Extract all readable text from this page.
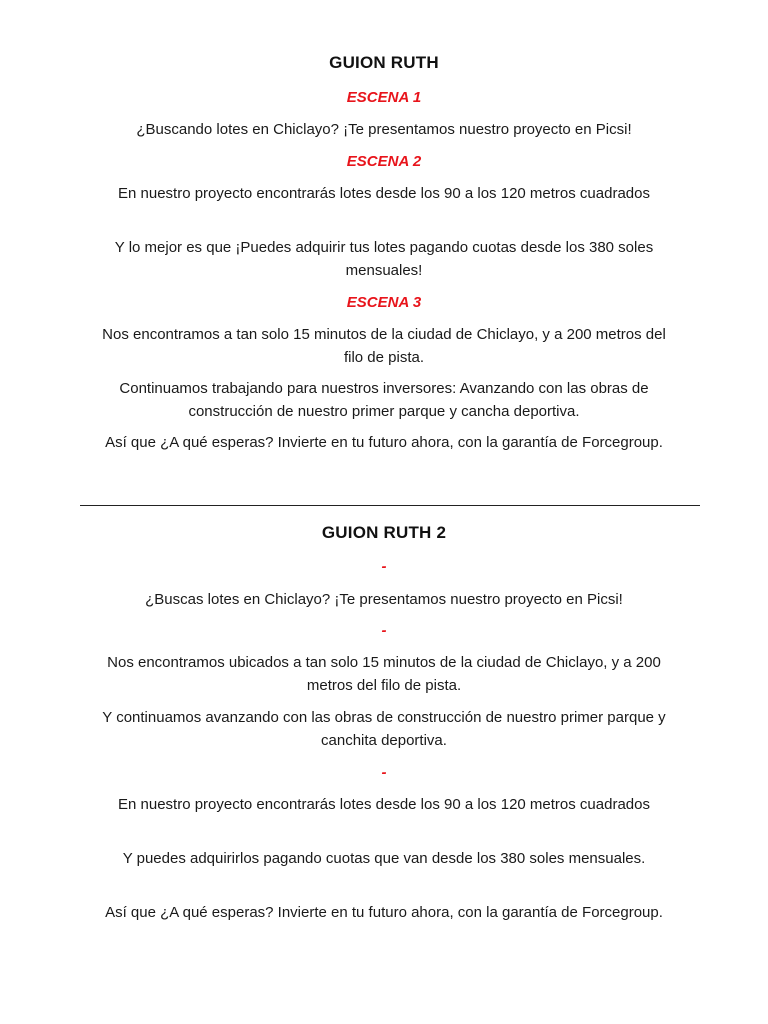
GUION RUTH
ESCENA 1

¿Buscando lotes en Chiclayo? ¡Te presentamos nuestro proyecto en Picsi!

ESCENA 2

En nuestro proyecto encontrarás lotes desde los 90 a los 120 metros cuadrados

Y lo mejor es que ¡Puedes adquirir tus lotes pagando cuotas desde los 380 soles mensuales!

ESCENA 3

Nos encontramos a tan solo 15 minutos de la ciudad de Chiclayo, y a 200 metros del filo de pista.

Continuamos trabajando para nuestros inversores: Avanzando con las obras de construcción de nuestro primer parque y cancha deportiva.

Así que ¿A qué esperas? Invierte en tu futuro ahora, con la garantía de Forcegroup.

GUION RUTH 2
-

¿Buscas lotes en Chiclayo? ¡Te presentamos nuestro proyecto en Picsi!

-

Nos encontramos ubicados a tan solo 15 minutos de la ciudad de Chiclayo, y a 200 metros del filo de pista.

Y continuamos avanzando con las obras de construcción de nuestro primer parque y canchita deportiva.

-

En nuestro proyecto encontrarás lotes desde los 90 a los 120 metros cuadrados

Y puedes adquirirlos pagando cuotas que van desde los 380 soles mensuales.

Así que ¿A qué esperas? Invierte en tu futuro ahora, con la garantía de Forcegroup.
